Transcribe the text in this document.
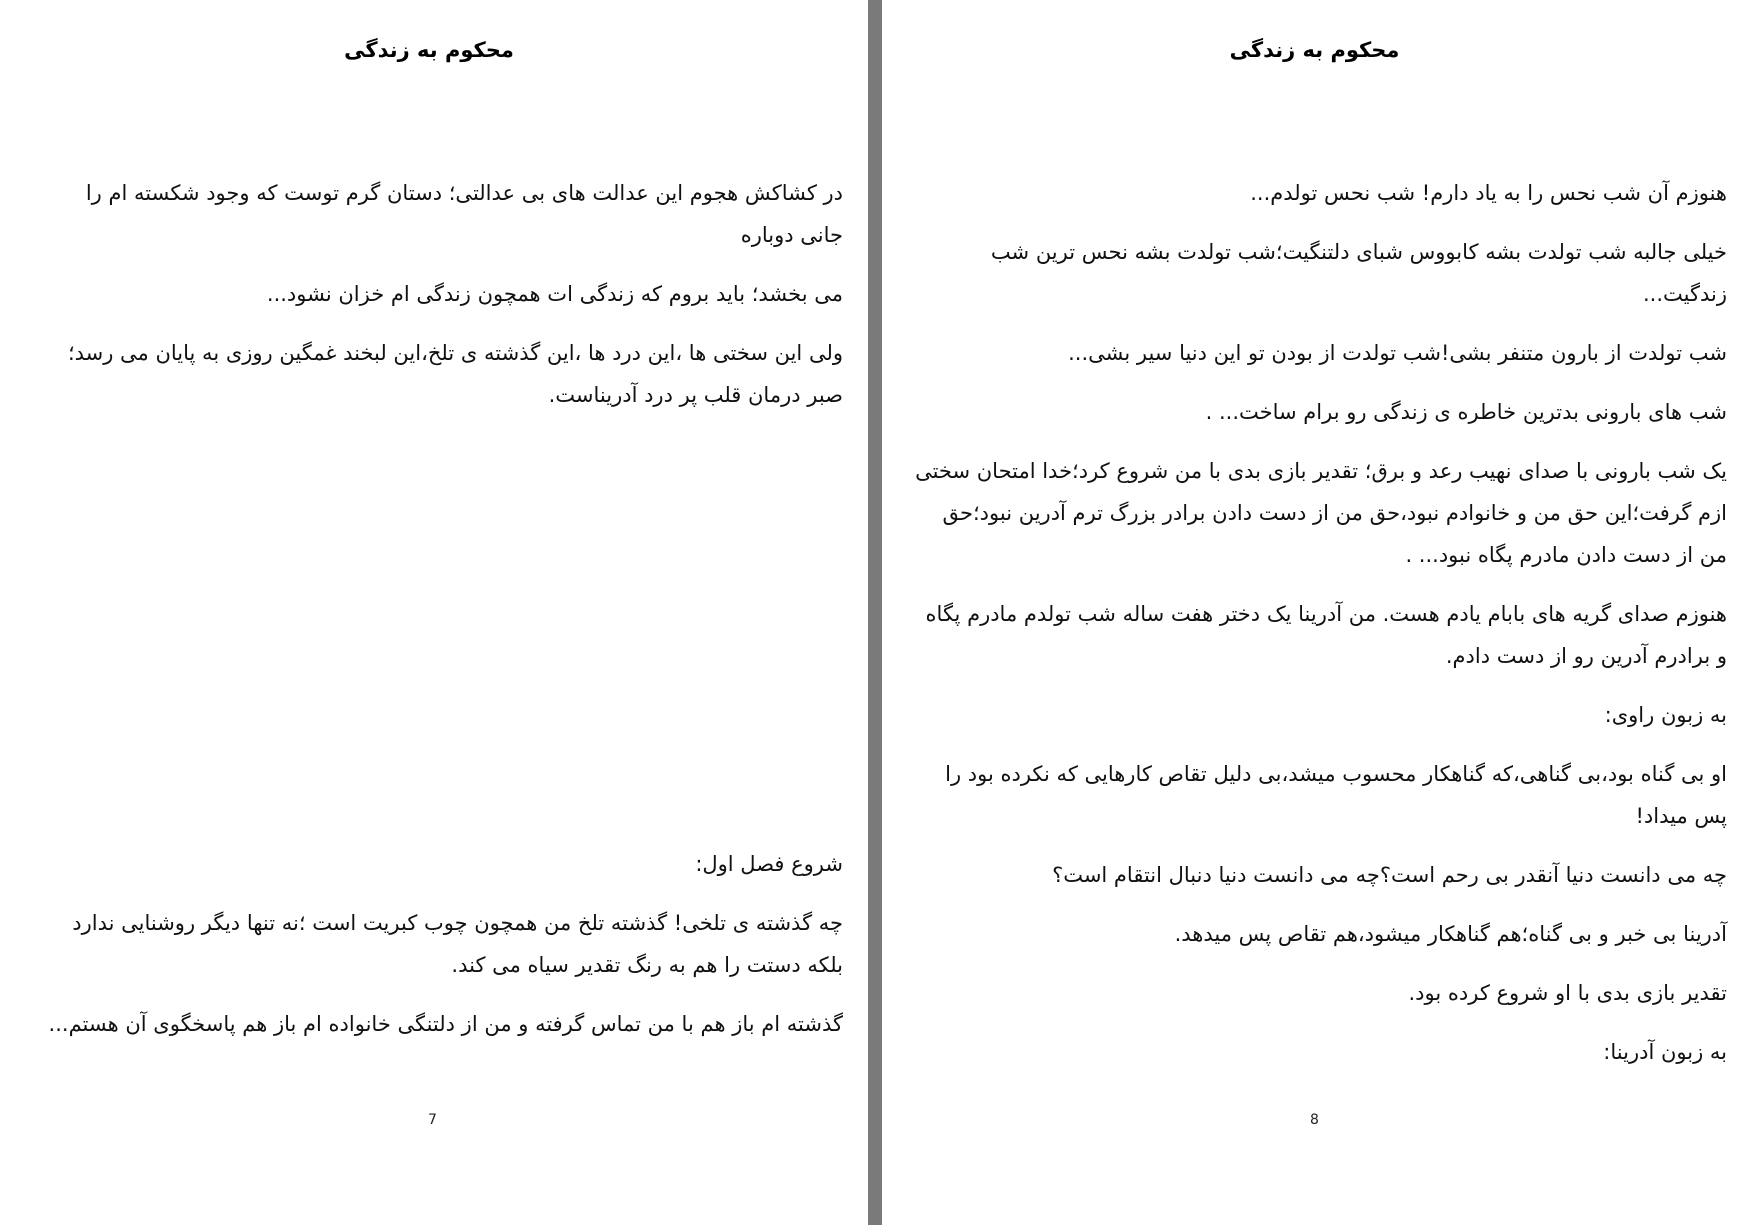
محکوم به زندگی

در کشاکش هجوم این عدالت های بی عدالتی؛ دستان گرم توست که وجود شکسته ام را جانی دوباره

می بخشد؛ باید بروم که زندگی ات همچون زندگی ام خزان نشود...

ولی این سختی ها ،این درد ها ،این گذشته ی تلخ،این لبخند غمگین روزی به پایان می رسد؛ صبر درمان قلب پر درد آدریناست.

شروع فصل اول:

چه گذشته ی تلخی! گذشته تلخ من همچون چوب کبریت است ؛نه تنها دیگر روشنایی ندارد بلکه دستت را هم به رنگ تقدیر سیاه می کند.

گذشته ام باز هم با من تماس گرفته و من از دلتنگی خانواده ام باز هم پاسخگوی آن هستم...

7
محکوم به زندگی

هنوزم آن شب نحس را به یاد دارم! شب نحس تولدم...

خیلی جالبه شب تولدت بشه کابووس شبای دلتنگیت؛شب تولدت بشه نحس ترین شب زندگیت...

شب تولدت از بارون متنفر بشی!شب تولدت از بودن تو این دنیا سیر بشی...

شب های بارونی بدترین خاطره ی زندگی رو برام ساخت... .

یک شب بارونی با صدای نهیب رعد و برق؛ تقدیر بازی بدی با من شروع کرد؛خدا امتحان سختی ازم گرفت؛این حق من و خانوادم نبود،حق من از دست دادن برادر بزرگ ترم آدرین نبود؛حق من از دست دادن مادرم پگاه نبود... .

هنوزم صدای گریه های بابام یادم هست. من آدرینا یک دختر هفت ساله شب تولدم مادرم پگاه و برادرم آدرین رو از دست دادم.

به زبون راوی:

او بی گناه بود،بی گناهی،که گناهکار محسوب میشد،بی دلیل تقاص کارهایی که نکرده بود را پس میداد!

چه می دانست دنیا آنقدر بی رحم است؟چه می دانست دنیا دنبال انتقام است؟

آدرینا بی خبر و بی گناه؛هم گناهکار میشود،هم تقاص پس میدهد.

تقدیر بازی بدی با او شروع کرده بود.

به زبون آدرینا:

8
